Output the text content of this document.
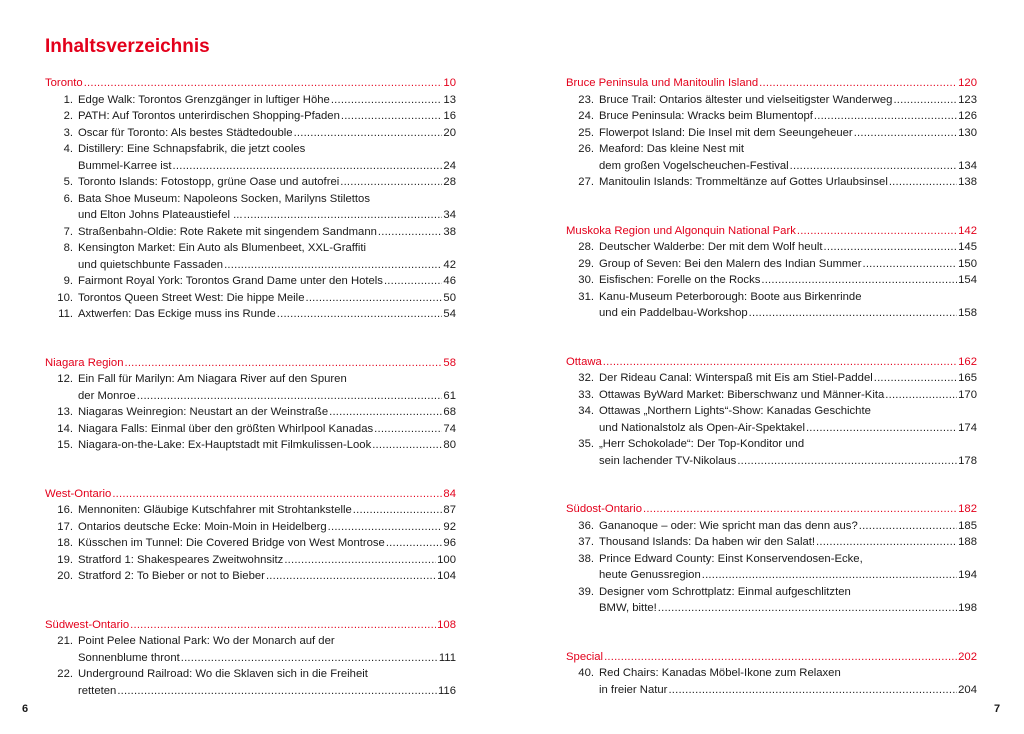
Inhaltsverzeichnis
Toronto .....	10
1. Edge Walk: Torontos Grenzgänger in luftiger Höhe .....	13
2. PATH: Auf Torontos unterirdischen Shopping-Pfaden .....	16
3. Oscar für Toronto: Als bestes Städtedouble .....	20
4. Distillery: Eine Schnapsfabrik, die jetzt cooles
Bummel-Karree ist .....	24
5. Toronto Islands: Fotostopp, grüne Oase und autofrei .....	28
6. Bata Shoe Museum: Napoleons Socken, Marilyns Stilettos
und Elton Johns Plateaustiefel ... .....	34
7. Straßenbahn-Oldie: Rote Rakete mit singendem Sandmann .....	38
8. Kensington Market: Ein Auto als Blumenbeet, XXL-Graffiti
und quietschbunte Fassaden .....	42
9. Fairmont Royal York: Torontos Grand Dame unter den Hotels .....	46
10. Torontos Queen Street West: Die hippe Meile .....	50
11. Axtwerfen: Das Eckige muss ins Runde .....	54
Niagara Region .....	58
12. Ein Fall für Marilyn: Am Niagara River auf den Spuren
der Monroe .....	61
13. Niagaras Weinregion: Neustart an der Weinstraße .....	68
14. Niagara Falls: Einmal über den größten Whirlpool Kanadas .....	74
15. Niagara-on-the-Lake: Ex-Hauptstadt mit Filmkulissen-Look .....	80
West-Ontario .....	84
16. Mennoniten: Gläubige Kutschfahrer mit Strohtankstelle .....	87
17. Ontarios deutsche Ecke: Moin-Moin in Heidelberg .....	92
18. Küsschen im Tunnel: Die Covered Bridge von West Montrose .....	96
19. Stratford 1: Shakespeares Zweitwohnsitz .....	100
20. Stratford 2: To Bieber or not to Bieber .....	104
Südwest-Ontario .....	108
21. Point Pelee National Park: Wo der Monarch auf der
Sonnenblume thront .....	111
22. Underground Railroad: Wo die Sklaven sich in die Freiheit
retteten .....	116
Bruce Peninsula und Manitoulin Island .....	120
23. Bruce Trail: Ontarios ältester und vielseitigster Wanderweg .....	123
24. Bruce Peninsula: Wracks beim Blumentopf .....	126
25. Flowerpot Island: Die Insel mit dem Seeungeheuer .....	130
26. Meaford: Das kleine Nest mit
dem großen Vogelscheuchen-Festival .....	134
27. Manitoulin Islands: Trommeltänze auf Gottes Urlaubsinsel .....	138
Muskoka Region und Algonquin National Park .....	142
28. Deutscher Walderbe: Der mit dem Wolf heult .....	145
29. Group of Seven: Bei den Malern des Indian Summer .....	150
30. Eisfischen: Forelle on the Rocks .....	154
31. Kanu-Museum Peterborough: Boote aus Birkenrinde
und ein Paddelbau-Workshop .....	158
Ottawa .....	162
32. Der Rideau Canal: Winterspaß mit Eis am Stiel-Paddel .....	165
33. Ottawas ByWard Market: Biberschwanz und Männer-Kita .....	170
34. Ottawas „Northern Lights“-Show: Kanadas Geschichte
und Nationalstolz als Open-Air-Spektakel .....	174
35. „Herr Schokolade“: Der Top-Konditor und
sein lachender TV-Nikolaus .....	178
Südost-Ontario .....	182
36. Gananoque – oder: Wie spricht man das denn aus? .....	185
37. Thousand Islands: Da haben wir den Salat! .....	188
38. Prince Edward County: Einst Konservendosen-Ecke,
heute Genussregion .....	194
39. Designer vom Schrottplatz: Einmal aufgeschlitzten
BMW, bitte! .....	198
Special .....	202
40. Red Chairs: Kanadas Möbel-Ikone zum Relaxen
in freier Natur .....	204
6	7
